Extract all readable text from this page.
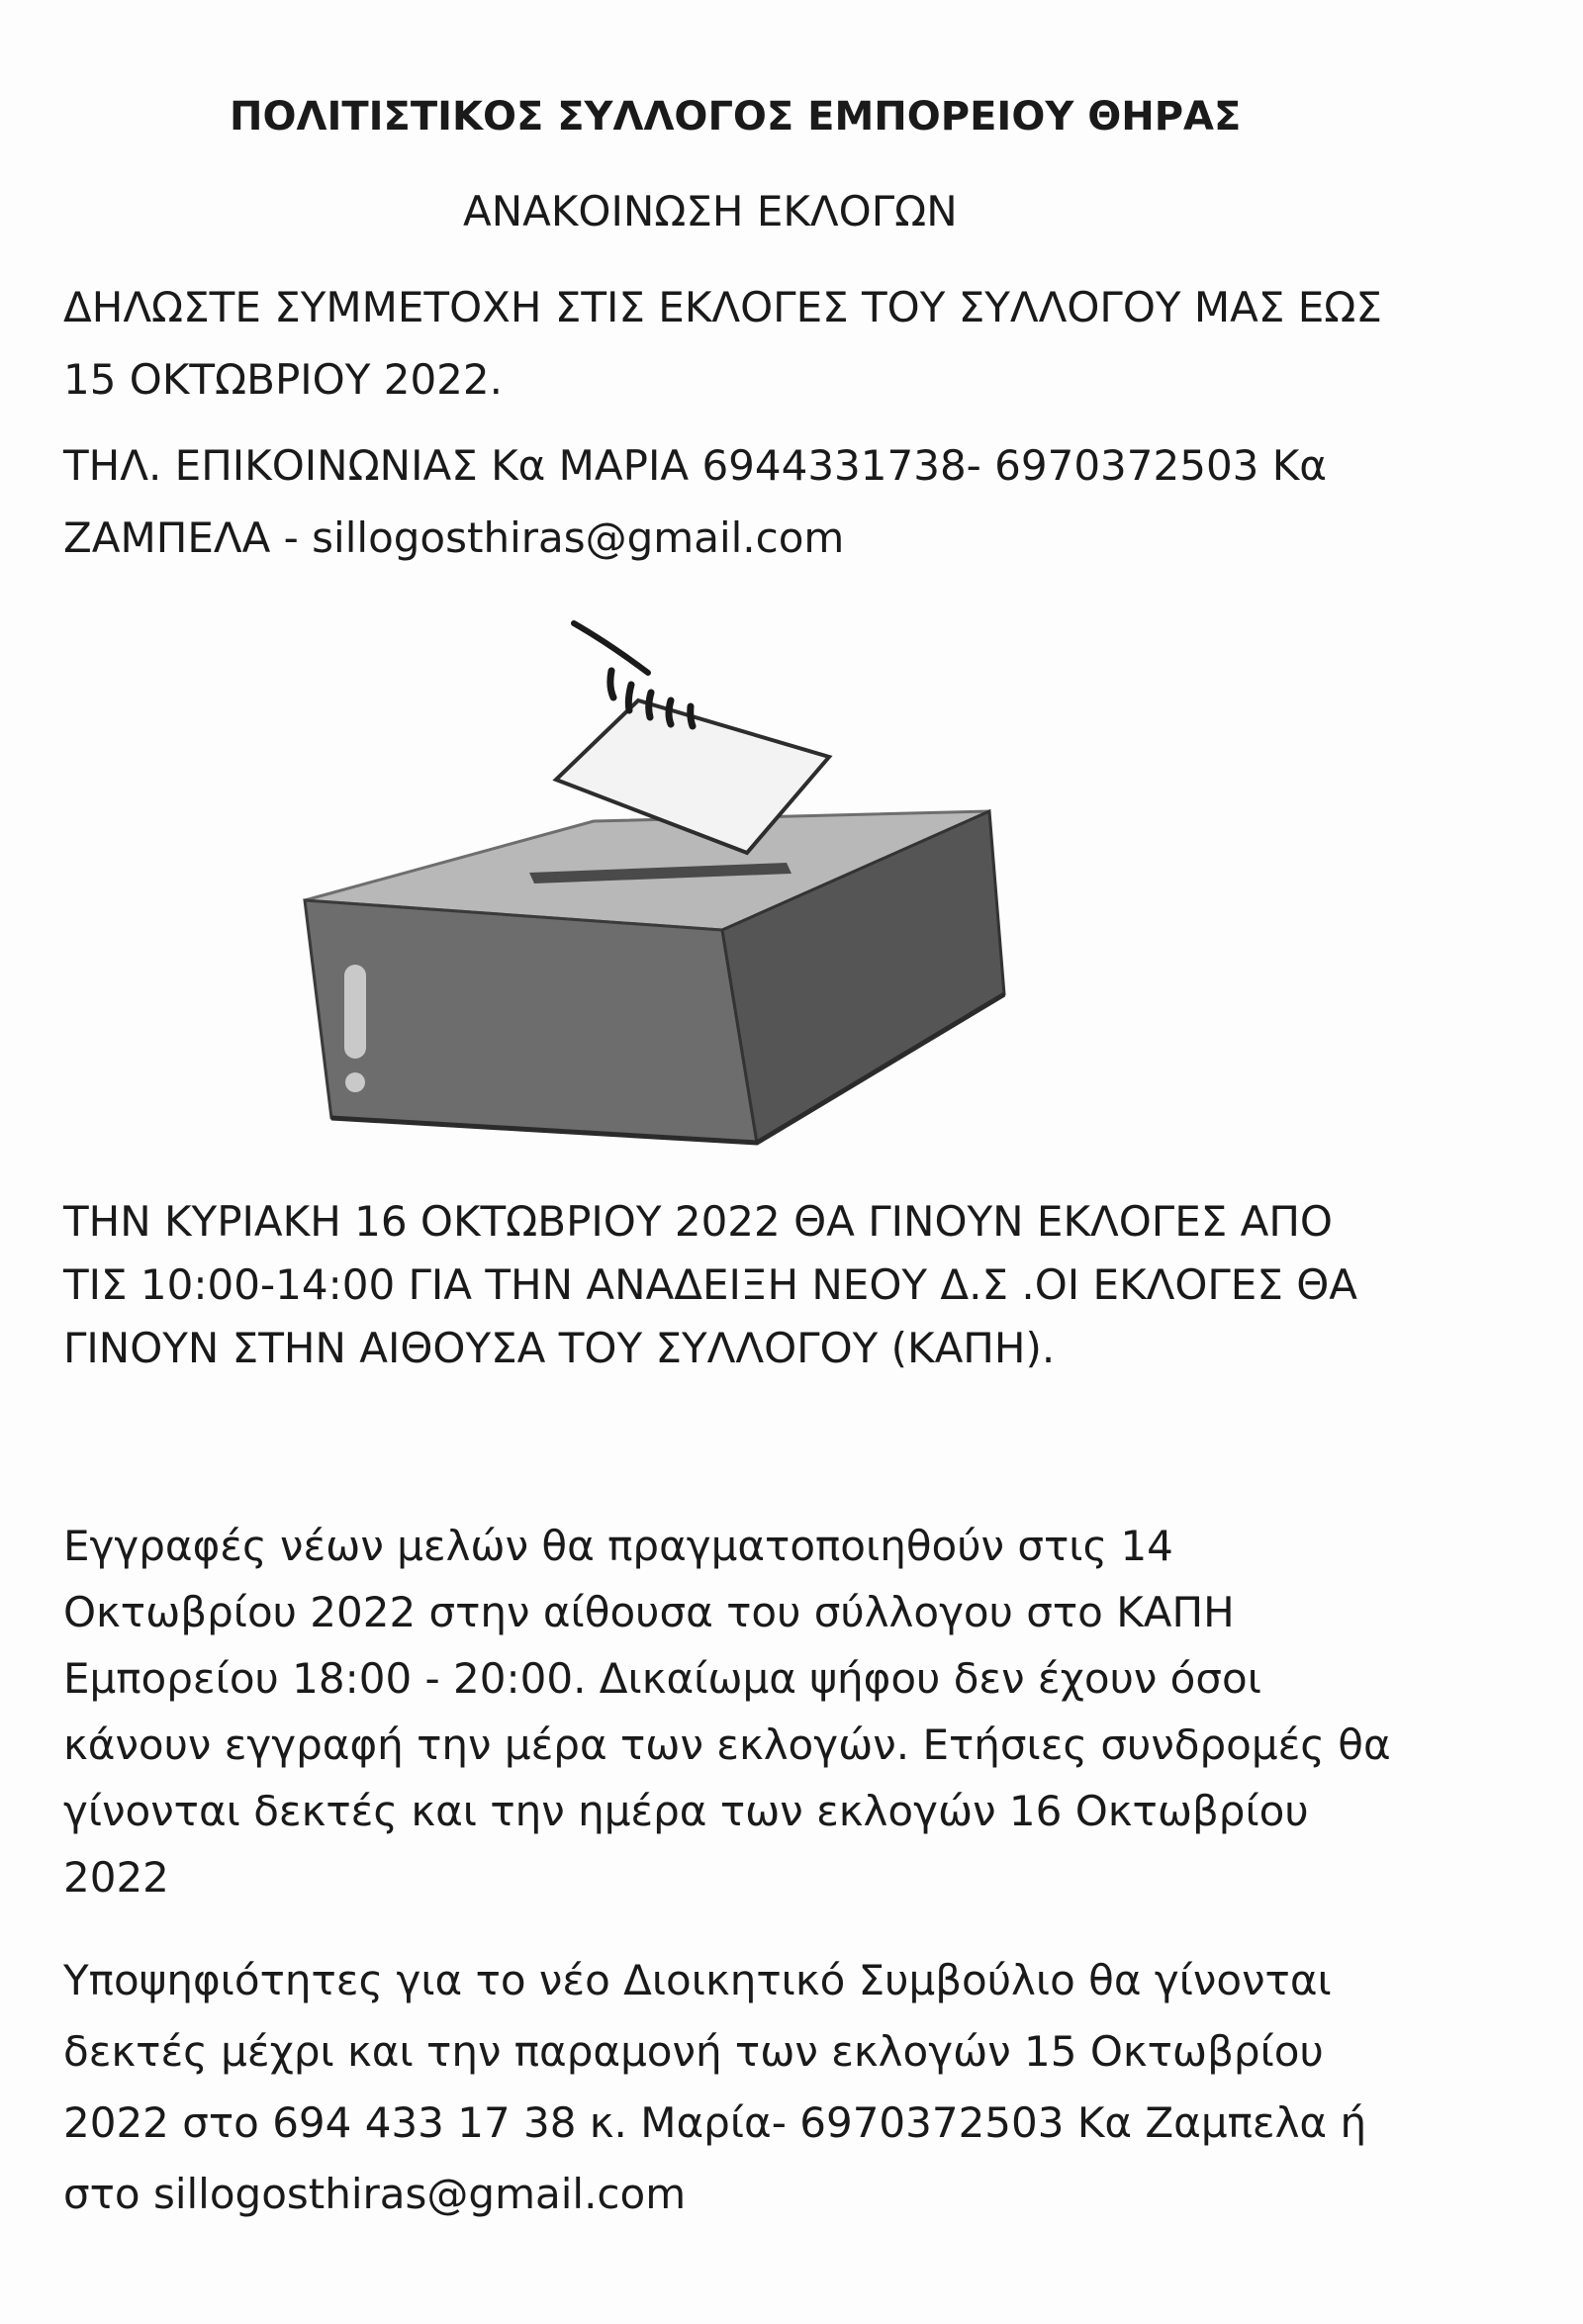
ΠΟΛΙΤΙΣΤΙΚΟΣ ΣΥΛΛΟΓΟΣ ΕΜΠΟΡΕΙΟΥ ΘΗΡΑΣ

ΑΝΑΚΟΙΝΩΣΗ ΕΚΛΟΓΩΝ

ΔΗΛΩΣΤΕ ΣΥΜΜΕΤΟΧΗ ΣΤΙΣ ΕΚΛΟΓΕΣ ΤΟΥ ΣΥΛΛΟΓΟΥ ΜΑΣ ΕΩΣ

15 ΟΚΤΩΒΡΙΟΥ 2022.

ΤΗΛ. ΕΠΙΚΟΙΝΩΝΙΑΣ Κα ΜΑΡΙΑ 6944331738- 6970372503 Κα

ΖΑΜΠΕΛΑ - sillogosthiras@gmail.com

ΤΗΝ ΚΥΡΙΑΚΗ 16 ΟΚΤΩΒΡΙΟΥ 2022 ΘΑ ΓΙΝΟΥΝ ΕΚΛΟΓΕΣ ΑΠΟ

ΤΙΣ 10:00-14:00 ΓΙΑ ΤΗΝ ΑΝΑΔΕΙΞΗ ΝΕΟΥ Δ.Σ .ΟΙ ΕΚΛΟΓΕΣ ΘΑ

ΓΙΝΟΥΝ ΣΤΗΝ ΑΙΘΟΥΣΑ ΤΟΥ ΣΥΛΛΟΓΟΥ (ΚΑΠΗ).

Εγγραφές νέων μελών θα πραγματοποιηθούν στις 14

Οκτωβρίου 2022 στην αίθουσα του σύλλογου στο ΚΑΠΗ

Εμπορείου 18:00 - 20:00. Δικαίωμα ψήφου δεν έχουν όσοι

κάνουν εγγραφή την μέρα των εκλογών. Ετήσιες συνδρομές θα

γίνονται δεκτές και την ημέρα των εκλογών 16 Οκτωβρίου

2022

Υποψηφιότητες για το νέο Διοικητικό Συμβούλιο θα γίνονται

δεκτές μέχρι και την παραμονή των εκλογών 15 Οκτωβρίου

2022 στο 694 433 17 38 κ. Μαρία- 6970372503 Κα Ζαμπελα ή

στο sillogosthiras@gmail.com
